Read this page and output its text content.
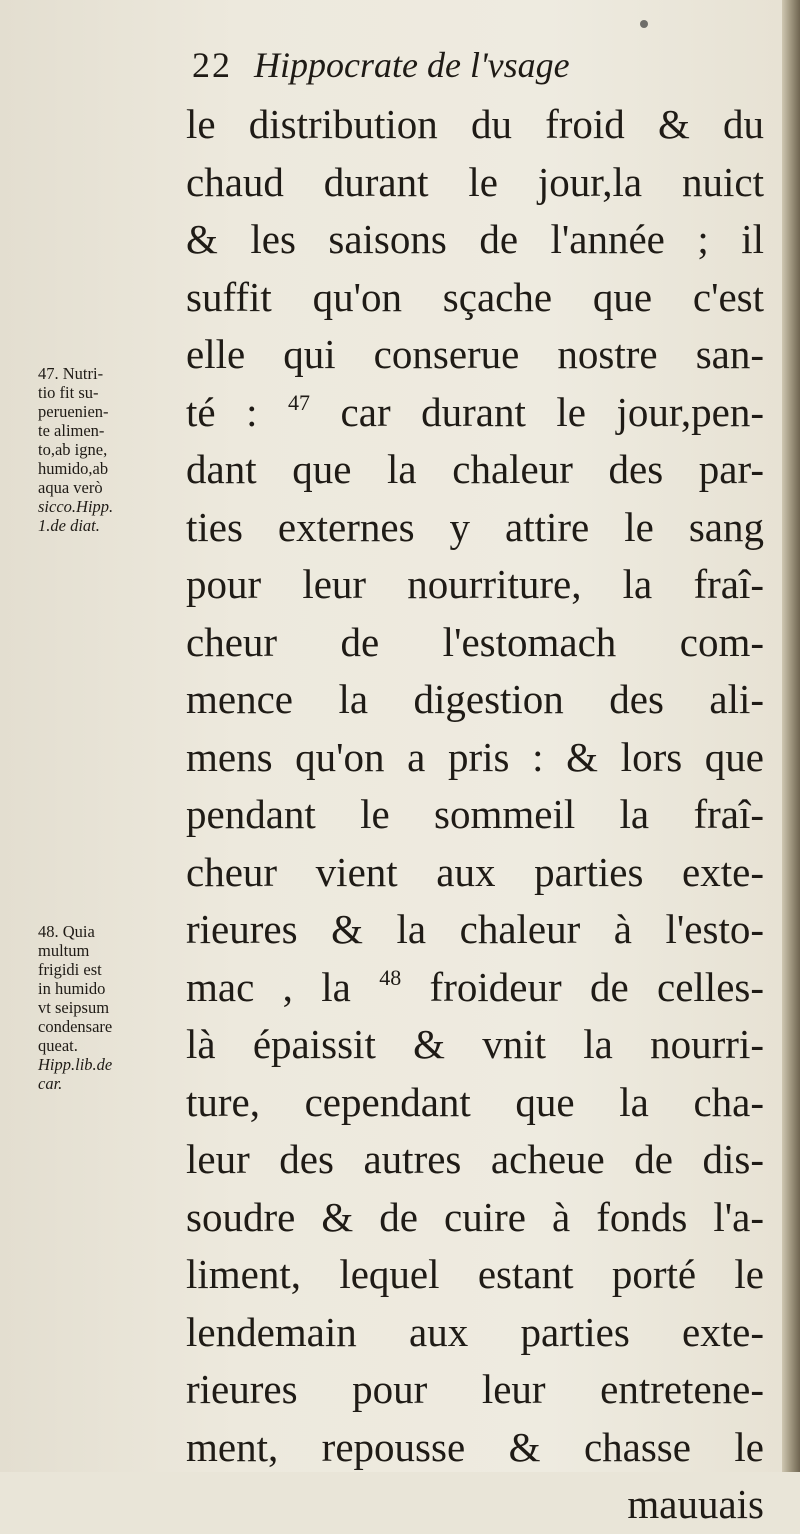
22 Hippocrate de l'vsage
le distribution du froid & du
chaud durant le jour,la nuict
& les saisons de l'année ; il
suffit qu'on sçache que c'est
elle qui conserue nostre san-
té : $^{47}$ car durant le jour,pen-
dant que la chaleur des par-
ties externes y attire le sang
pour leur nourriture, la fraî-
cheur de l'estomach com-
mence la digestion des ali-
mens qu'on a pris : & lors que
pendant le sommeil la fraî-
cheur vient aux parties exte-
rieures & la chaleur à l'esto-
mac , la $^{48}$ froideur de celles-
là épaissit & vnit la nourri-
ture, cependant que la cha-
leur des autres acheue de dis-
soudre & de cuire à fonds l'a-
liment, lequel estant porté le
lendemain aux parties exte-
rieures pour leur entretene-
ment, repousse & chasse le
mauuais
47. Nutri-
tio fit su-
peruenien-
te alimen-
to,ab igne,
humido,ab
aqua verò
sicco.Hipp.
1.de diat.
48. Quia
multum
frigidi est
in humido
vt seipsum
condensare
queat.
Hipp.lib.de
car.
